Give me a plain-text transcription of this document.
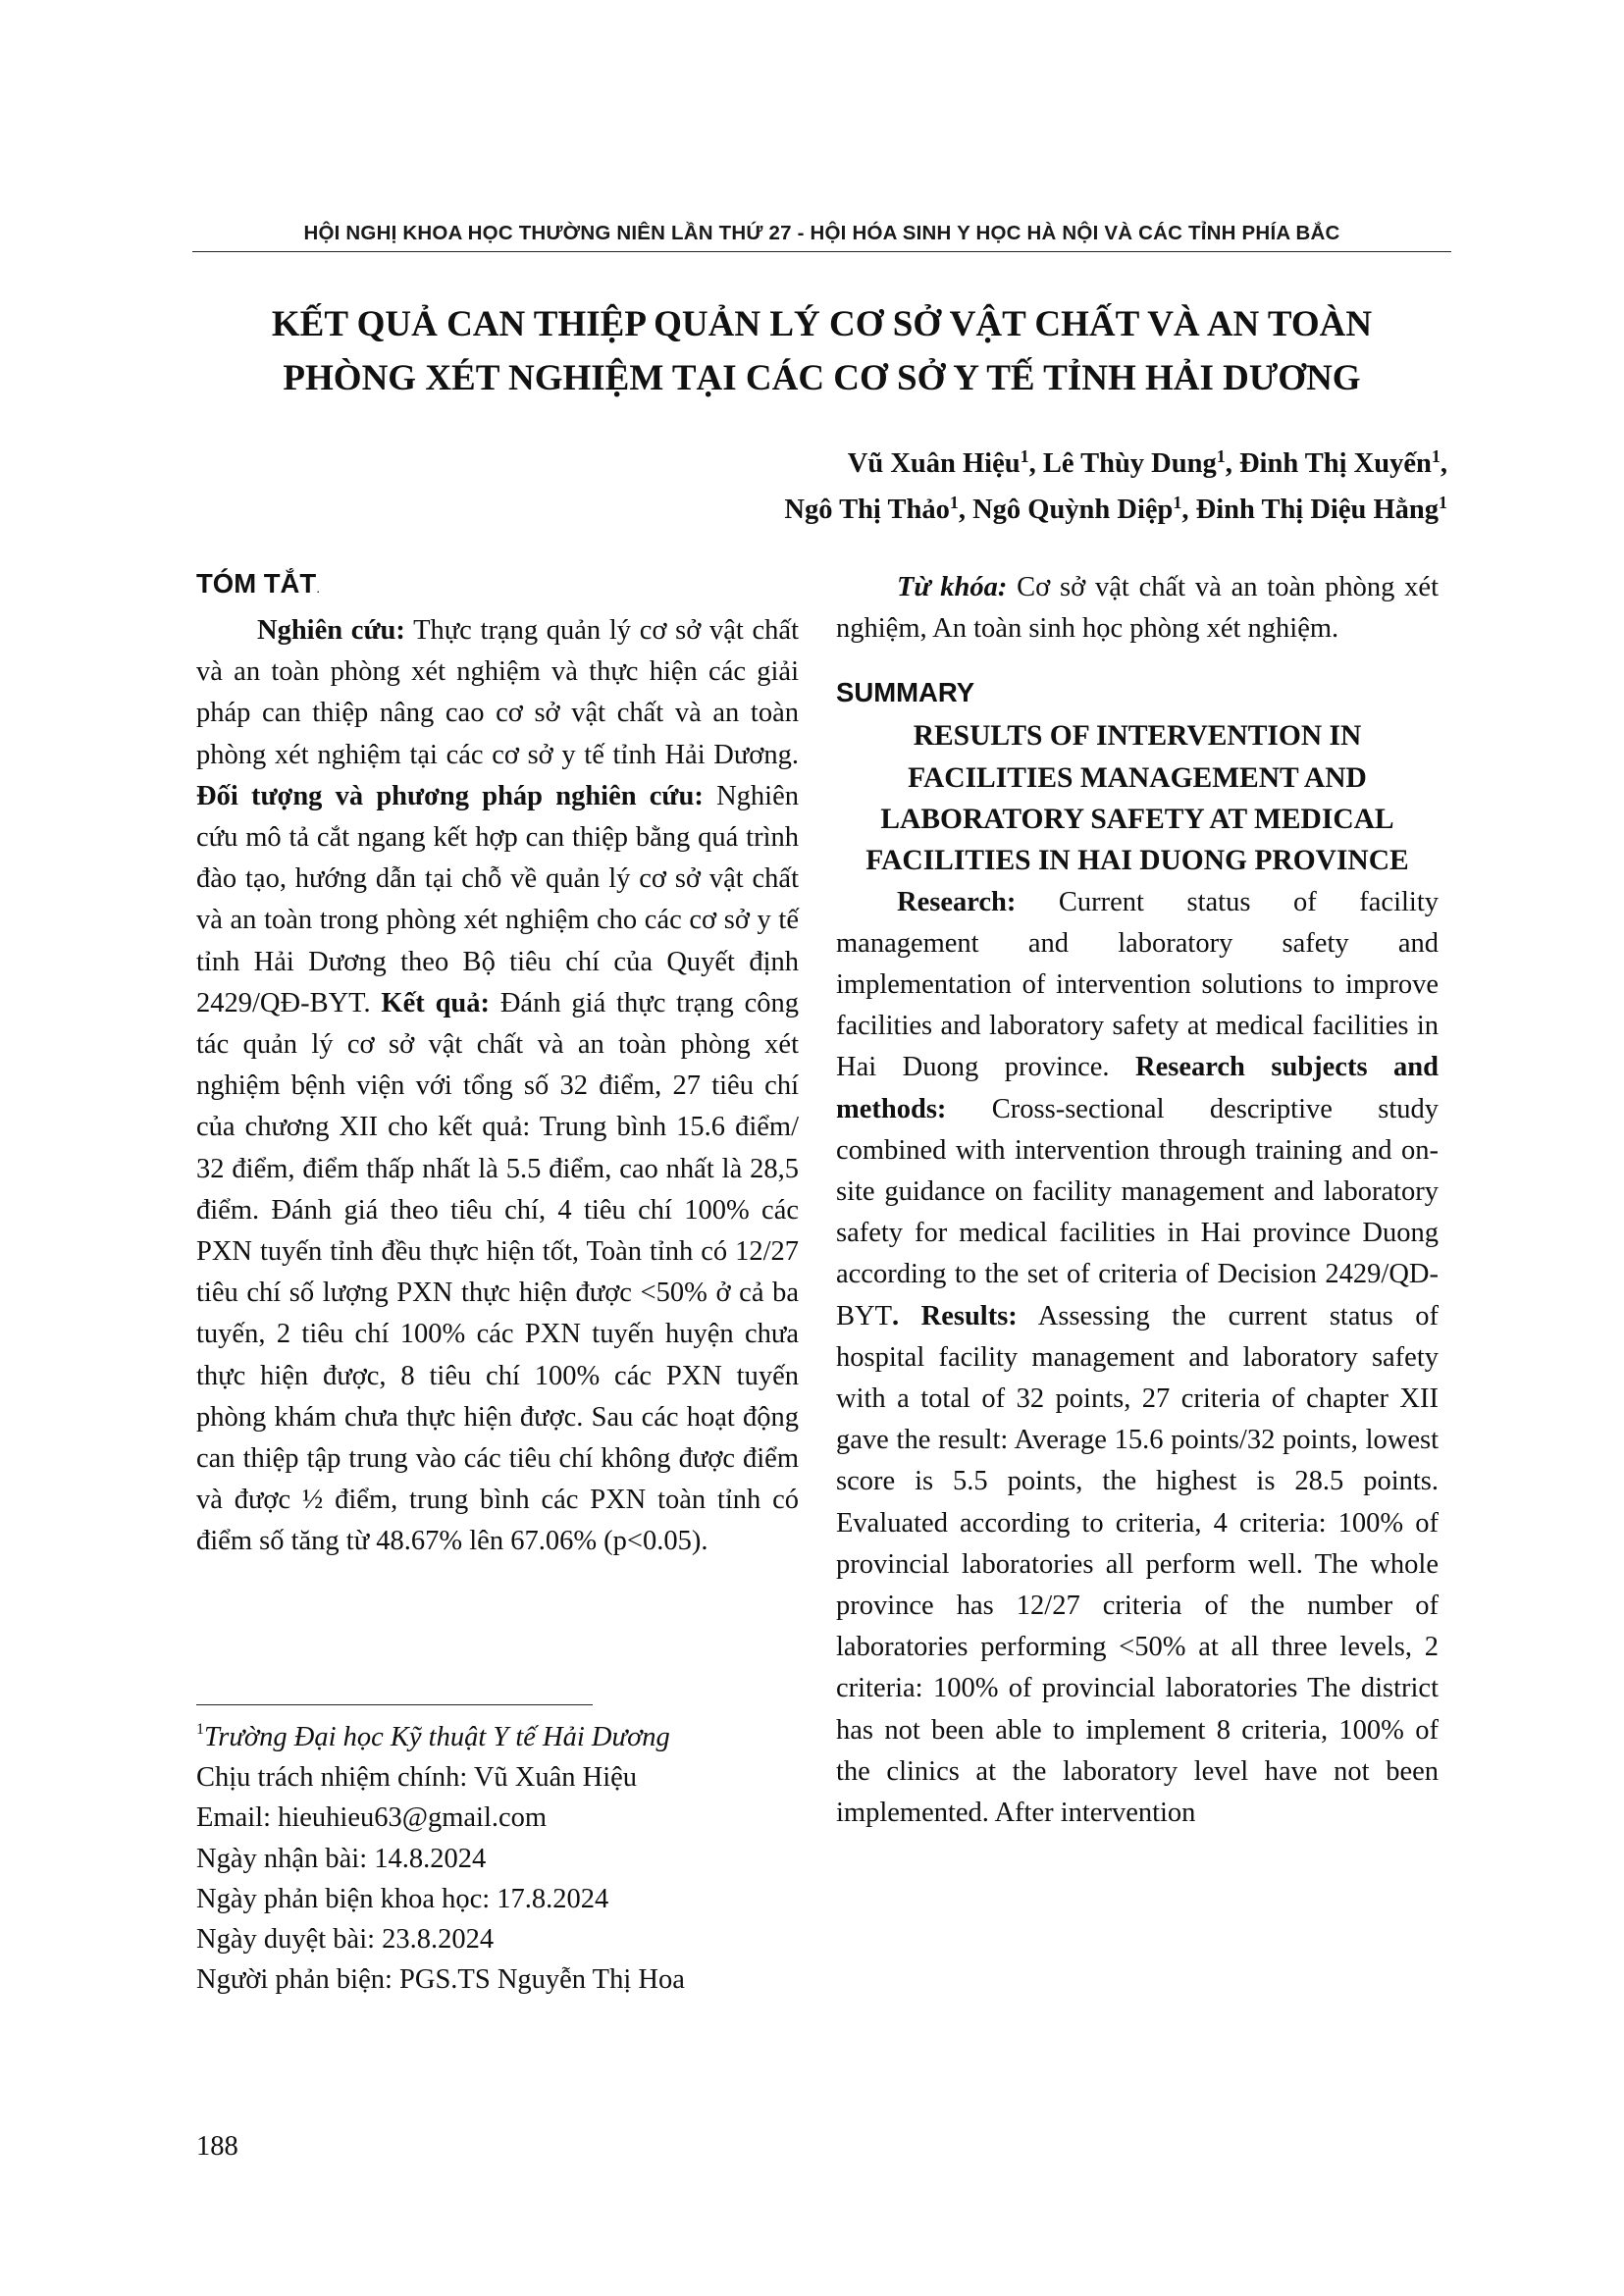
HỘI NGHỊ KHOA HỌC THƯỜNG NIÊN LẦN THỨ 27 - HỘI HÓA SINH Y HỌC HÀ NỘI VÀ CÁC TỈNH PHÍA BẮC
KẾT QUẢ CAN THIỆP QUẢN LÝ CƠ SỞ VẬT CHẤT VÀ AN TOÀN
PHÒNG XÉT NGHIỆM TẠI CÁC CƠ SỞ Y TẾ TỈNH HẢI DƯƠNG
Vũ Xuân Hiệu$^1$, Lê Thùy Dung$^1$, Đinh Thị Xuyến$^1$,
Ngô Thị Thảo$^1$, Ngô Quỳnh Diệp$^1$, Đinh Thị Diệu Hằng$^1$
TÓM TẮT.

Nghiên cứu: Thực trạng quản lý cơ sở vật chất và an toàn phòng xét nghiệm và thực hiện các giải pháp can thiệp nâng cao cơ sở vật chất và an toàn phòng xét nghiệm tại các cơ sở y tế tỉnh Hải Dương. Đối tượng và phương pháp nghiên cứu: Nghiên cứu mô tả cắt ngang kết hợp can thiệp bằng quá trình đào tạo, hướng dẫn tại chỗ về quản lý cơ sở vật chất và an toàn trong phòng xét nghiệm cho các cơ sở y tế tỉnh Hải Dương theo Bộ tiêu chí của Quyết định 2429/QĐ-BYT. Kết quả: Đánh giá thực trạng công tác quản lý cơ sở vật chất và an toàn phòng xét nghiệm bệnh viện với tổng số 32 điểm, 27 tiêu chí của chương XII cho kết quả: Trung bình 15.6 điểm/ 32 điểm, điểm thấp nhất là 5.5 điểm, cao nhất là 28,5 điểm. Đánh giá theo tiêu chí, 4 tiêu chí 100% các PXN tuyến tỉnh đều thực hiện tốt, Toàn tỉnh có 12/27 tiêu chí số lượng PXN thực hiện được <50% ở cả ba tuyến, 2 tiêu chí 100% các PXN tuyến huyện chưa thực hiện được, 8 tiêu chí 100% các PXN tuyến phòng khám chưa thực hiện được. Sau các hoạt động can thiệp tập trung vào các tiêu chí không được điểm và được ½ điểm, trung bình các PXN toàn tỉnh có điểm số tăng từ 48.67% lên 67.06% (p<0.05).

Từ khóa: Cơ sở vật chất và an toàn phòng xét nghiệm, An toàn sinh học phòng xét nghiệm.

SUMMARY
RESULTS OF INTERVENTION IN FACILITIES MANAGEMENT AND LABORATORY SAFETY AT MEDICAL FACILITIES IN HAI DUONG PROVINCE

Research: Current status of facility management and laboratory safety and implementation of intervention solutions to improve facilities and laboratory safety at medical facilities in Hai Duong province. Research subjects and methods: Cross-sectional descriptive study combined with intervention through training and on-site guidance on facility management and laboratory safety for medical facilities in Hai province Duong according to the set of criteria of Decision 2429/QD-BYT. Results: Assessing the current status of hospital facility management and laboratory safety with a total of 32 points, 27 criteria of chapter XII gave the result: Average 15.6 points/32 points, lowest score is 5.5 points, the highest is 28.5 points. Evaluated according to criteria, 4 criteria: 100% of provincial laboratories all perform well. The whole province has 12/27 criteria of the number of laboratories performing <50% at all three levels, 2 criteria: 100% of provincial laboratories The district has not been able to implement 8 criteria, 100% of the clinics at the laboratory level have not been implemented. After intervention

$^1$Trường Đại học Kỹ thuật Y tế Hải Dương
Chịu trách nhiệm chính: Vũ Xuân Hiệu
Email: hieuhieu63@gmail.com
Ngày nhận bài: 14.8.2024
Ngày phản biện khoa học: 17.8.2024
Ngày duyệt bài: 23.8.2024
Người phản biện: PGS.TS Nguyễn Thị Hoa
188
